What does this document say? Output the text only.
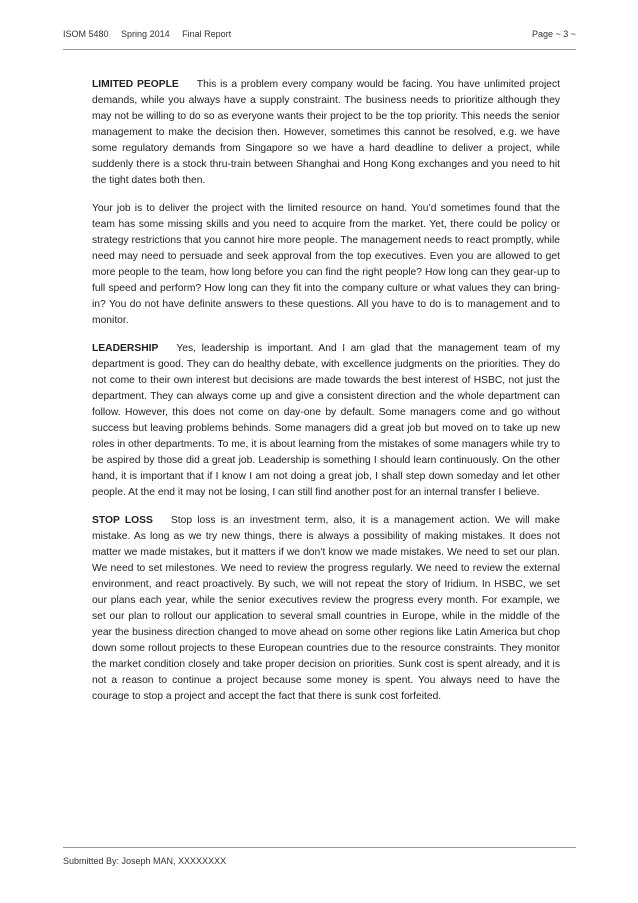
ISOM 5480 Spring 2014 Final Report	Page ~ 3 ~

LIMITED PEOPLE This is a problem every company would be facing. You have unlimited project demands, while you always have a supply constraint. The business needs to prioritize although they may not be willing to do so as everyone wants their project to be the top priority. This needs the senior management to make the decision then. However, sometimes this cannot be resolved, e.g. we have some regulatory demands from Singapore so we have a hard deadline to deliver a project, while suddenly there is a stock thru-train between Shanghai and Hong Kong exchanges and you need to hit the tight dates both then.

Your job is to deliver the project with the limited resource on hand. You’d sometimes found that the team has some missing skills and you need to acquire from the market. Yet, there could be policy or strategy restrictions that you cannot hire more people. The management needs to react promptly, while need may need to persuade and seek approval from the top executives. Even you are allowed to get more people to the team, how long before you can find the right people? How long can they gear-up to full speed and perform? How long can they fit into the company culture or what values they can bring-in? You do not have definite answers to these questions. All you have to do is to management and to monitor.

LEADERSHIP Yes, leadership is important. And I am glad that the management team of my department is good. They can do healthy debate, with excellence judgments on the priorities. They do not come to their own interest but decisions are made towards the best interest of HSBC, not just the department. They can always come up and give a consistent direction and the whole department can follow. However, this does not come on day-one by default. Some managers come and go without success but leaving problems behinds. Some managers did a great job but moved on to take up new roles in other departments. To me, it is about learning from the mistakes of some managers while try to be aspired by those did a great job. Leadership is something I should learn continuously. On the other hand, it is important that if I know I am not doing a great job, I shall step down someday and let other people. At the end it may not be losing, I can still find another post for an internal transfer I believe.

STOP LOSS Stop loss is an investment term, also, it is a management action. We will make mistake. As long as we try new things, there is always a possibility of making mistakes. It does not matter we made mistakes, but it matters if we don’t know we made mistakes. We need to set our plan. We need to set milestones. We need to review the progress regularly. We need to review the external environment, and react proactively. By such, we will not repeat the story of Iridium. In HSBC, we set our plans each year, while the senior executives review the progress every month. For example, we set our plan to rollout our application to several small countries in Europe, while in the middle of the year the business direction changed to move ahead on some other regions like Latin America but chop down some rollout projects to these European countries due to the resource constraints. They monitor the market condition closely and take proper decision on priorities. Sunk cost is spent already, and it is not a reason to continue a project because some money is spent. You always need to have the courage to stop a project and accept the fact that there is sunk cost forfeited.

Submitted By: Joseph MAN, XXXXXXXX
